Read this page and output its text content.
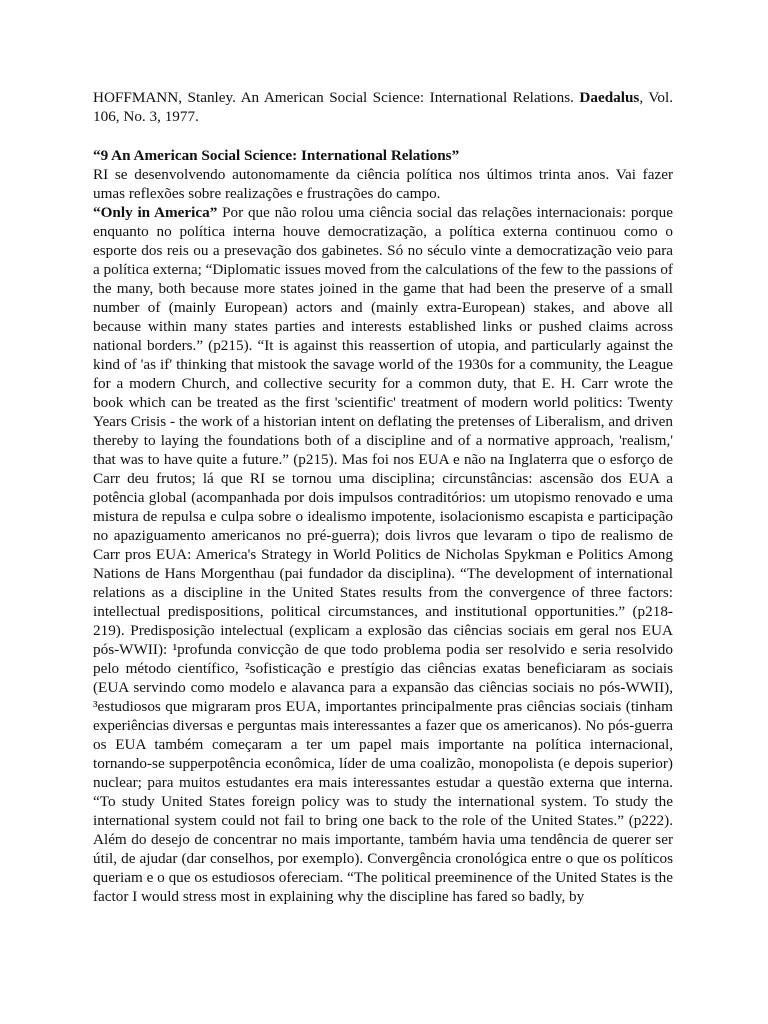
HOFFMANN, Stanley. An American Social Science: International Relations. Daedalus, Vol. 106, No. 3, 1977.

“9 An American Social Science: International Relations”

RI se desenvolvendo autonomamente da ciência política nos últimos trinta anos. Vai fazer umas reflexões sobre realizações e frustrações do campo.

“Only in America” Por que não rolou uma ciência social das relações internacionais: porque enquanto no política interna houve democratização, a política externa continuou como o esporte dos reis ou a presevação dos gabinetes. Só no século vinte a democratização veio para a política externa; “Diplomatic issues moved from the calculations of the few to the passions of the many, both because more states joined in the game that had been the preserve of a small number of (mainly European) actors and (mainly extra-European) stakes, and above all because within many states parties and interests established links or pushed claims across national borders.” (p215). “It is against this reassertion of utopia, and particularly against the kind of 'as if' thinking that mistook the savage world of the 1930s for a community, the League for a modern Church, and collective security for a common duty, that E. H. Carr wrote the book which can be treated as the first 'scientific' treatment of modern world politics: Twenty Years Crisis - the work of a historian intent on deflating the pretenses of Liberalism, and driven thereby to laying the foundations both of a discipline and of a normative approach, 'realism,' that was to have quite a future.” (p215). Mas foi nos EUA e não na Inglaterra que o esforço de Carr deu frutos; lá que RI se tornou uma disciplina; circunstâncias: ascensão dos EUA a potência global (acompanhada por dois impulsos contraditórios: um utopismo renovado e uma mistura de repulsa e culpa sobre o idealismo impotente, isolacionismo escapista e participação no apaziguamento americanos no pré-guerra); dois livros que levaram o tipo de realismo de Carr pros EUA: America's Strategy in World Politics de Nicholas Spykman e Politics Among Nations de Hans Morgenthau (pai fundador da disciplina). “The development of international relations as a discipline in the United States results from the convergence of three factors: intellectual predispositions, political circumstances, and institutional opportunities.” (p218-219). Predisposição intelectual (explicam a explosão das ciências sociais em geral nos EUA pós-WWII): ¹profunda convicção de que todo problema podia ser resolvido e seria resolvido pelo método científico, ²sofisticação e prestígio das ciências exatas beneficiaram as sociais (EUA servindo como modelo e alavanca para a expansão das ciências sociais no pós-WWII), ³estudiosos que migraram pros EUA, importantes principalmente pras ciências sociais (tinham experiências diversas e perguntas mais interessantes a fazer que os americanos). No pós-guerra os EUA também começaram a ter um papel mais importante na política internacional, tornando-se supperpotência econômica, líder de uma coalizão, monopolista (e depois superior) nuclear; para muitos estudantes era mais interessantes estudar a questão externa que interna. “To study United States foreign policy was to study the international system. To study the international system could not fail to bring one back to the role of the United States.” (p222). Além do desejo de concentrar no mais importante, também havia uma tendência de querer ser útil, de ajudar (dar conselhos, por exemplo). Convergência cronológica entre o que os políticos queriam e o que os estudiosos ofereciam. “The political preeminence of the United States is the factor I would stress most in explaining why the discipline has fared so badly, by
